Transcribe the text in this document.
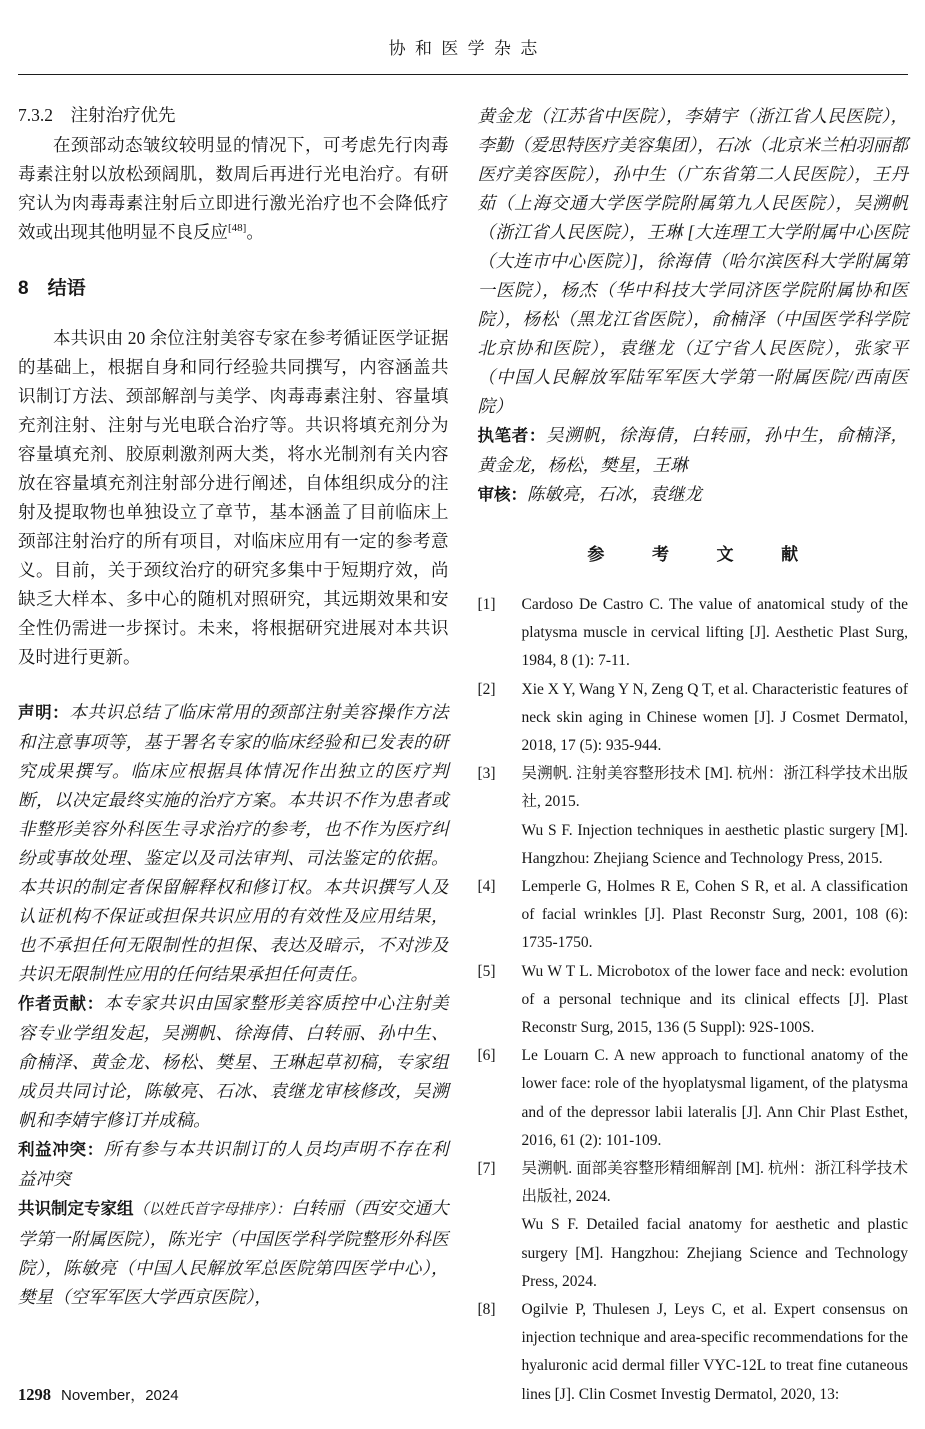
协和医学杂志

7.3.2　注射治疗优先

在颈部动态皱纹较明显的情况下，可考虑先行肉毒毒素注射以放松颈阔肌，数周后再进行光电治疗。有研究认为肉毒毒素注射后立即进行激光治疗也不会降低疗效或出现其他明显不良反应[48]。

8　结语

本共识由 20 余位注射美容专家在参考循证医学证据的基础上，根据自身和同行经验共同撰写，内容涵盖共识制订方法、颈部解剖与美学、肉毒毒素注射、容量填充剂注射、注射与光电联合治疗等。共识将填充剂分为容量填充剂、胶原刺激剂两大类，将水光制剂有关内容放在容量填充剂注射部分进行阐述，自体组织成分的注射及提取物也单独设立了章节，基本涵盖了目前临床上颈部注射治疗的所有项目，对临床应用有一定的参考意义。目前，关于颈纹治疗的研究多集中于短期疗效，尚缺乏大样本、多中心的随机对照研究，其远期效果和安全性仍需进一步探讨。未来，将根据研究进展对本共识及时进行更新。

声明：本共识总结了临床常用的颈部注射美容操作方法和注意事项等，基于署名专家的临床经验和已发表的研究成果撰写。临床应根据具体情况作出独立的医疗判断，以决定最终实施的治疗方案。本共识不作为患者或非整形美容外科医生寻求治疗的参考，也不作为医疗纠纷或事故处理、鉴定以及司法审判、司法鉴定的依据。本共识的制定者保留解释权和修订权。本共识撰写人及认证机构不保证或担保共识应用的有效性及应用结果，也不承担任何无限制性的担保、表达及暗示，不对涉及共识无限制性应用的任何结果承担任何责任。

作者贡献：本专家共识由国家整形美容质控中心注射美容专业学组发起，吴溯帆、徐海倩、白转丽、孙中生、俞楠泽、黄金龙、杨松、樊星、王琳起草初稿，专家组成员共同讨论，陈敏亮、石冰、袁继龙审核修改，吴溯帆和李婧宇修订并成稿。

利益冲突：所有参与本共识制订的人员均声明不存在利益冲突

共识制定专家组（以姓氏首字母排序）：白转丽（西安交通大学第一附属医院），陈光宇（中国医学科学院整形外科医院），陈敏亮（中国人民解放军总医院第四医学中心），樊星（空军军医大学西京医院），

黄金龙（江苏省中医院），李婧宇（浙江省人民医院），李勤（爱思特医疗美容集团），石冰（北京米兰柏羽丽都医疗美容医院），孙中生（广东省第二人民医院），王丹茹（上海交通大学医学院附属第九人民医院），吴溯帆（浙江省人民医院），王琳 [大连理工大学附属中心医院（大连市中心医院）]，徐海倩（哈尔滨医科大学附属第一医院），杨杰（华中科技大学同济医学院附属协和医院），杨松（黑龙江省医院），俞楠泽（中国医学科学院北京协和医院），袁继龙（辽宁省人民医院），张家平（中国人民解放军陆军军医大学第一附属医院/西南医院）

执笔者：吴溯帆，徐海倩，白转丽，孙中生，俞楠泽，黄金龙，杨松，樊星，王琳

审核：陈敏亮，石冰，袁继龙

参　考　文　献

[1]	Cardoso De Castro C. The value of anatomical study of the platysma muscle in cervical lifting [J]. Aesthetic Plast Surg, 1984, 8 (1): 7-11.

[2]	Xie X Y, Wang Y N, Zeng Q T, et al. Characteristic features of neck skin aging in Chinese women [J]. J Cosmet Dermatol, 2018, 17 (5): 935-944.

[3]	吴溯帆. 注射美容整形技术 [M]. 杭州：浙江科学技术出版社, 2015.

Wu S F. Injection techniques in aesthetic plastic surgery [M]. Hangzhou: Zhejiang Science and Technology Press, 2015.

[4]	Lemperle G, Holmes R E, Cohen S R, et al. A classification of facial wrinkles [J]. Plast Reconstr Surg, 2001, 108 (6): 1735-1750.

[5]	Wu W T L. Microbotox of the lower face and neck: evolution of a personal technique and its clinical effects [J]. Plast Reconstr Surg, 2015, 136 (5 Suppl): 92S-100S.

[6]	Le Louarn C. A new approach to functional anatomy of the lower face: role of the hyoplatysmal ligament, of the platysma and of the depressor labii lateralis [J]. Ann Chir Plast Esthet, 2016, 61 (2): 101-109.

[7]	吴溯帆. 面部美容整形精细解剖 [M]. 杭州：浙江科学技术出版社, 2024.

Wu S F. Detailed facial anatomy for aesthetic and plastic surgery [M]. Hangzhou: Zhejiang Science and Technology Press, 2024.

[8]	Ogilvie P, Thulesen J, Leys C, et al. Expert consensus on injection technique and area-specific recommendations for the hyaluronic acid dermal filler VYC-12L to treat fine cutaneous lines [J]. Clin Cosmet Investig Dermatol, 2020, 13:

1298 November，2024
